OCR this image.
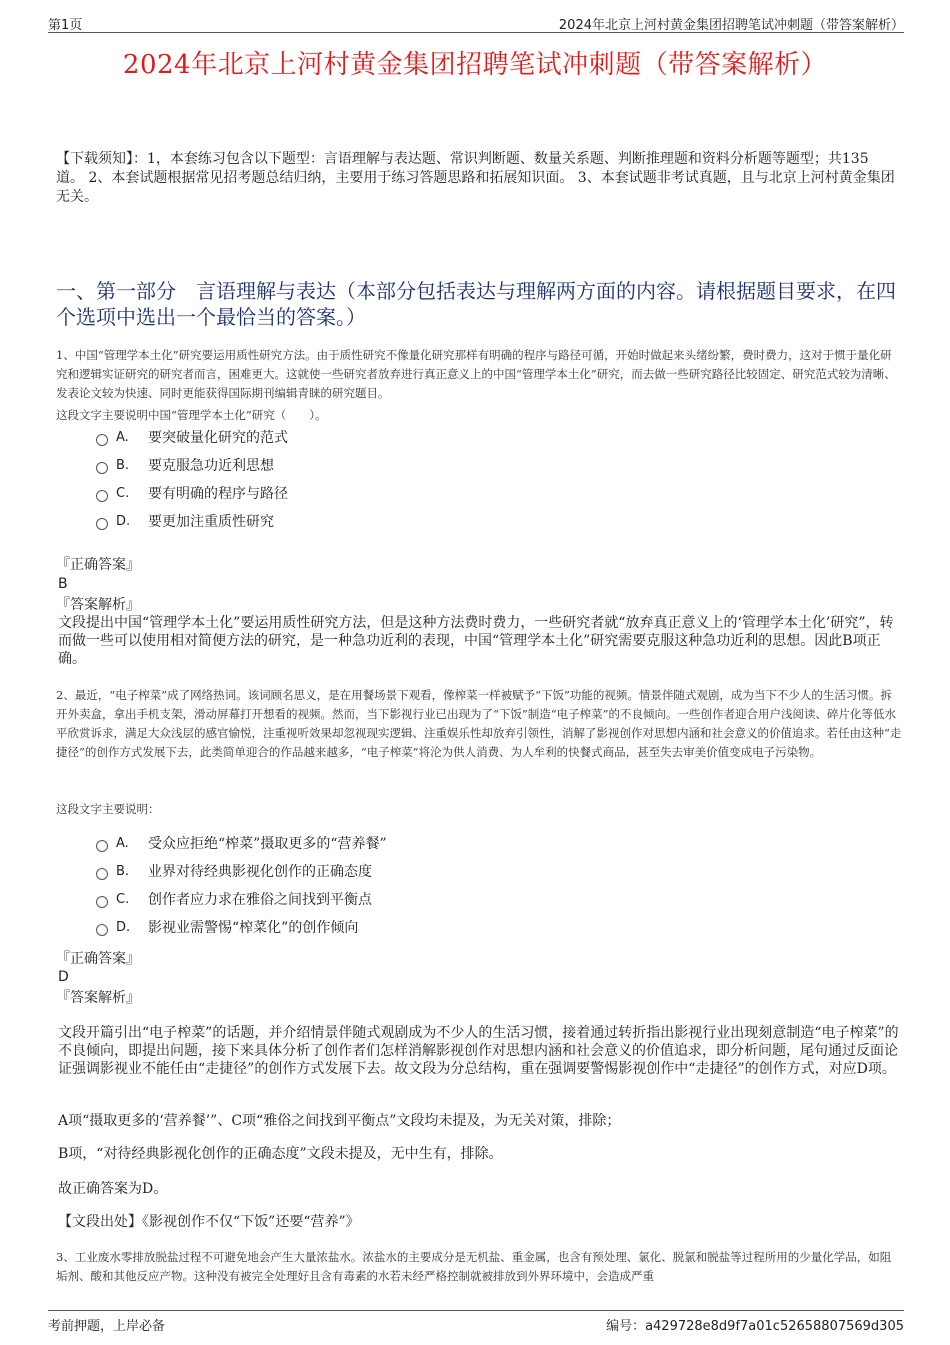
第1页	2024年北京上河村黄金集团招聘笔试冲刺题（带答案解析）
2024年北京上河村黄金集团招聘笔试冲刺题（带答案解析）
【下载须知】：1，本套练习包含以下题型：言语理解与表达题、常识判断题、数量关系题、判断推理题和资料分析题等题型；共135道。 2、本套试题根据常见招考题总结归纳，主要用于练习答题思路和拓展知识面。 3、本套试题非考试真题，且与北京上河村黄金集团无关。
一、第一部分　言语理解与表达（本部分包括表达与理解两方面的内容。请根据题目要求，在四个选项中选出一个最恰当的答案。）
1、中国“管理学本土化”研究要运用质性研究方法。由于质性研究不像量化研究那样有明确的程序与路径可循，开始时做起来头绪纷繁，费时费力，这对于惯于量化研究和逻辑实证研究的研究者而言，困难更大。这就使一些研究者放弃进行真正意义上的中国“管理学本土化”研究，而去做一些研究路径比较固定、研究范式较为清晰、发表论文较为快速、同时更能获得国际期刊编辑青睐的研究题目。
这段文字主要说明中国“管理学本土化”研究（　　）。
A.	要突破量化研究的范式
B.	要克服急功近利思想
C.	要有明确的程序与路径
D.	要更加注重质性研究
『正确答案』
B
『答案解析』
文段提出中国“管理学本土化”要运用质性研究方法，但是这种方法费时费力，一些研究者就“放弃真正意义上的‘管理学本土化’研究”，转而做一些可以使用相对简便方法的研究，是一种急功近利的表现，中国“管理学本土化”研究需要克服这种急功近利的思想。因此B项正确。
2、最近，“电子榨菜”成了网络热词。该词顾名思义，是在用餐场景下观看，像榨菜一样被赋予“下饭”功能的视频。情景伴随式观剧，成为当下不少人的生活习惯。拆开外卖盒，拿出手机支架，滑动屏幕打开想看的视频。然而，当下影视行业已出现为了“下饭”制造“电子榨菜”的不良倾向。一些创作者迎合用户浅阅读、碎片化等低水平欣赏诉求，满足大众浅层的感官愉悦，注重视听效果却忽视现实逻辑、注重娱乐性却放弃引领性，消解了影视创作对思想内涵和社会意义的价值追求。若任由这种“走捷径”的创作方式发展下去，此类简单迎合的作品越来越多，“电子榨菜”将沦为供人消费、为人牟利的快餐式商品，甚至失去审美价值变成电子污染物。
这段文字主要说明：
A.	受众应拒绝“榨菜”摄取更多的“营养餐”
B.	业界对待经典影视化创作的正确态度
C.	创作者应力求在雅俗之间找到平衡点
D.	影视业需警惕“榨菜化”的创作倾向
『正确答案』
D
『答案解析』
文段开篇引出“电子榨菜”的话题，并介绍情景伴随式观剧成为不少人的生活习惯，接着通过转折指出影视行业出现刻意制造“电子榨菜”的不良倾向，即提出问题，接下来具体分析了创作者们怎样消解影视创作对思想内涵和社会意义的价值追求，即分析问题，尾句通过反面论证强调影视业不能任由“走捷径”的创作方式发展下去。故文段为分总结构，重在强调要警惕影视创作中“走捷径”的创作方式，对应D项。
A项“摄取更多的‘营养餐’”、C项“雅俗之间找到平衡点”文段均未提及，为无关对策，排除；
B项，“对待经典影视化创作的正确态度”文段未提及，无中生有，排除。
故正确答案为D。
【文段出处】《影视创作不仅“下饭”还要“营养”》
3、工业废水零排放脱盐过程不可避免地会产生大量浓盐水。浓盐水的主要成分是无机盐、重金属，也含有预处理、氯化、脱氯和脱盐等过程所用的少量化学品，如阻垢剂、酸和其他反应产物。这种没有被完全处理好且含有毒素的水若未经严格控制就被排放到外界环境中，会造成严重
考前押题，上岸必备	编号：a429728e8d9f7a01c52658807569d305
